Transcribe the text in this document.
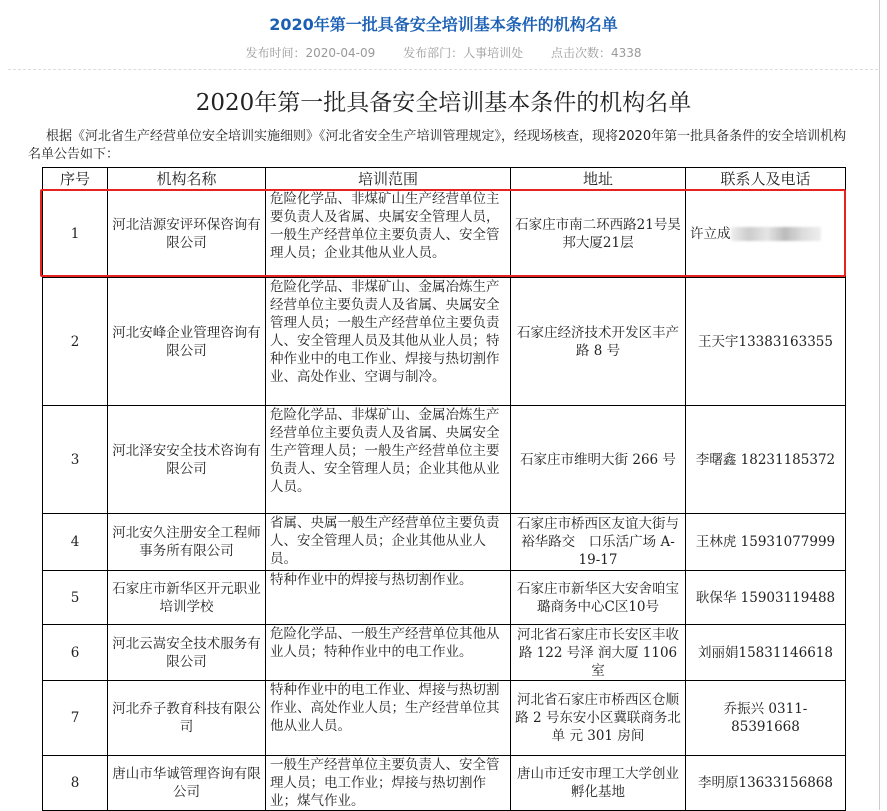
2020年第一批具备安全培训基本条件的机构名单
发布时间：2020-04-09 发布部门：人事培训处 点击次数：4338
2020年第一批具备安全培训基本条件的机构名单
根据《河北省生产经营单位安全培训实施细则》《河北省安全生产培训管理规定》，经现场核查，现将2020年第一批具备条件的安全培训机构名单公告如下：
序号	机构名称	培训范围	地址	联系人及电话
1	河北洁源安评环保咨询有限公司	危险化学品、非煤矿山生产经营单位主要负责人及省属、央属安全管理人员，一般生产经营单位主要负责人、安全管理人员；企业其他从业人员。	石家庄市南二环西路21号昊邦大厦21层	许立成
2	河北安峰企业管理咨询有限公司	危险化学品、非煤矿山、金属冶炼生产经营单位主要负责人及省属、央属安全管理人员；一般生产经营单位主要负责人、安全管理人员及其他从业人员；特种作业中的电工作业、焊接与热切割作业、高处作业、空调与制冷。	石家庄经济技术开发区丰产路 8 号	王天宇13383163355
3	河北泽安安全技术咨询有限公司	危险化学品、非煤矿山、金属冶炼生产经营单位主要负责人及省属、央属安全生产管理人员；一般生产经营单位主要负责人、安全管理人员；企业其他从业人员。	石家庄市维明大街 266 号	李曙鑫 18231185372
4	河北安久注册安全工程师事务所有限公司	省属、央属一般生产经营单位主要负责人、安全管理人员；企业其他从业人员。	石家庄市桥西区友谊大街与裕华路交　口乐活广场 A-19-17	王林虎 15931077999
5	石家庄市新华区开元职业培训学校	特种作业中的焊接与热切割作业。	石家庄市新华区大安舍咱宝璐商务中心C区10号	耿保华 15903119488
6	河北云嵩安全技术服务有限公司	危险化学品、一般生产经营单位其他从业人员；特种作业中的电工作业。	河北省石家庄市长安区丰收路 122 号泽 润大厦 1106 室	刘丽娟15831146618
7	河北乔子教育科技有限公司	特种作业中的电工作业、焊接与热切割作业、高处作业人员；生产经营单位其他从业人员。	河北省石家庄市桥西区仓顺路 2 号东安小区冀联商务北单 元 301 房间	乔振兴 0311-85391668
8	唐山市华诚管理咨询有限公司	一般生产经营单位主要负责人、安全管理人员；电工作业；焊接与热切割作业；煤气作业。	唐山市迁安市理工大学创业孵化基地	李明原13633156868
